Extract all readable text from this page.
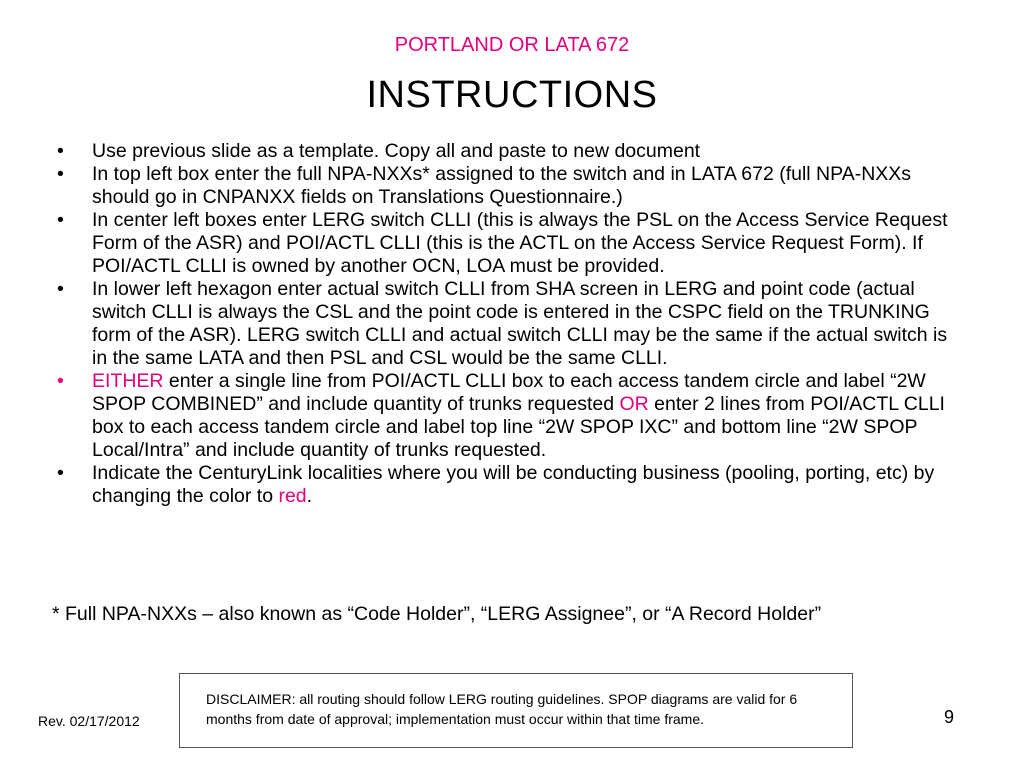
PORTLAND OR LATA 672
INSTRUCTIONS
• Use previous slide as a template. Copy all and paste to new document
• In top left box enter the full NPA-NXXs* assigned to the switch and in LATA 672 (full NPA-NXXs should go in CNPANXX fields on Translations Questionnaire.)
• In center left boxes enter LERG switch CLLI (this is always the PSL on the Access Service Request Form of the ASR) and POI/ACTL CLLI (this is the ACTL on the Access Service Request Form). If POI/ACTL CLLI is owned by another OCN, LOA must be provided.
• In lower left hexagon enter actual switch CLLI from SHA screen in LERG and point code (actual switch CLLI is always the CSL and the point code is entered in the CSPC field on the TRUNKING form of the ASR). LERG switch CLLI and actual switch CLLI may be the same if the actual switch is in the same LATA and then PSL and CSL would be the same CLLI.
• EITHER enter a single line from POI/ACTL CLLI box to each access tandem circle and label “2W SPOP COMBINED” and include quantity of trunks requested OR enter 2 lines from POI/ACTL CLLI box to each access tandem circle and label top line “2W SPOP IXC” and bottom line “2W SPOP Local/Intra” and include quantity of trunks requested.
• Indicate the CenturyLink localities where you will be conducting business (pooling, porting, etc) by changing the color to red.
* Full NPA-NXXs – also known as “Code Holder”, “LERG Assignee”, or “A Record Holder”
Rev. 02/17/2012
DISCLAIMER: all routing should follow LERG routing guidelines. SPOP diagrams are valid for 6 months from date of approval; implementation must occur within that time frame.	9
